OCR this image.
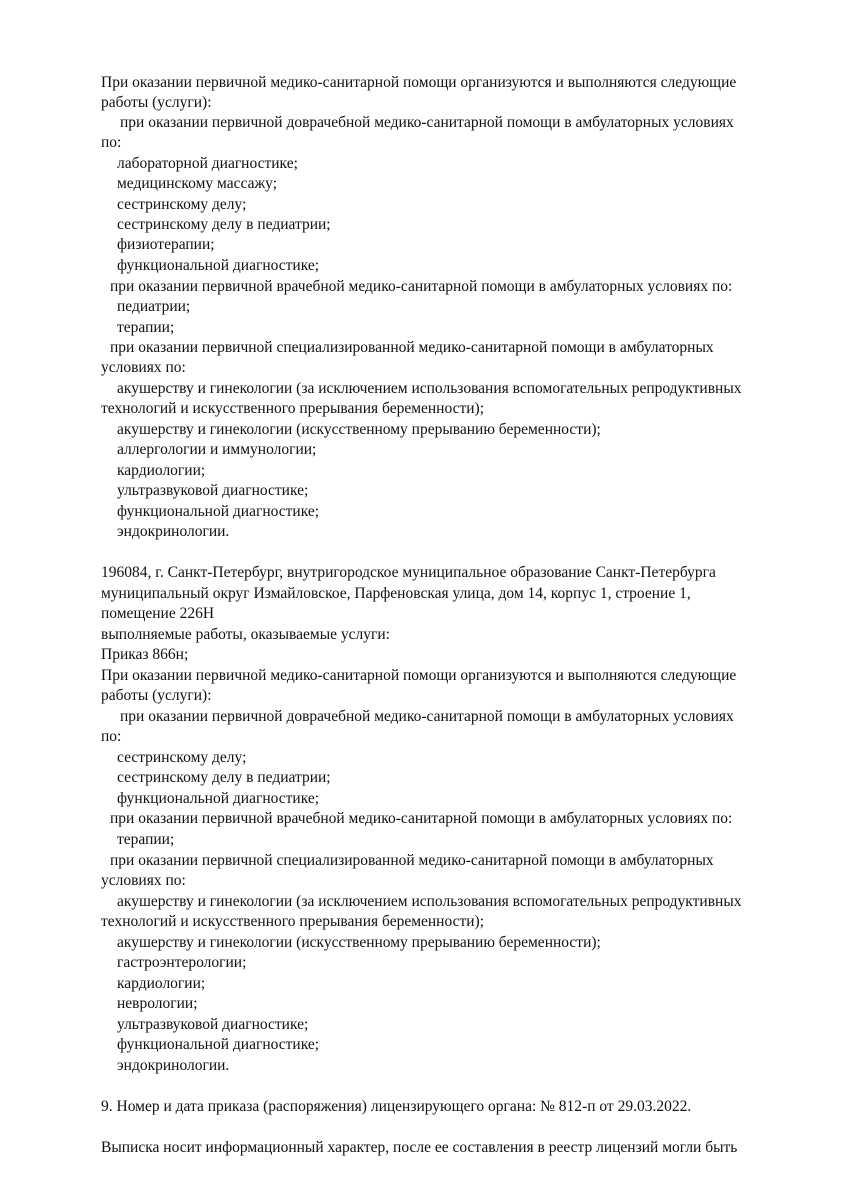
При оказании первичной медико-санитарной помощи организуются и выполняются следующие
работы (услуги):
при оказании первичной доврачебной медико-санитарной помощи в амбулаторных условиях
по:
лабораторной диагностике;
медицинскому массажу;
сестринскому делу;
сестринскому делу в педиатрии;
физиотерапии;
функциональной диагностике;
при оказании первичной врачебной медико-санитарной помощи в амбулаторных условиях по:
педиатрии;
терапии;
при оказании первичной специализированной медико-санитарной помощи в амбулаторных
условиях по:
акушерству и гинекологии (за исключением использования вспомогательных репродуктивных
технологий и искусственного прерывания беременности);
акушерству и гинекологии (искусственному прерыванию беременности);
аллергологии и иммунологии;
кардиологии;
ультразвуковой диагностике;
функциональной диагностике;
эндокринологии.
196084, г. Санкт-Петербург, внутригородское муниципальное образование Санкт-Петербурга
муниципальный округ Измайловское, Парфеновская улица, дом 14, корпус 1, строение 1,
помещение 226Н
выполняемые работы, оказываемые услуги:
Приказ 866н;
При оказании первичной медико-санитарной помощи организуются и выполняются следующие
работы (услуги):
при оказании первичной доврачебной медико-санитарной помощи в амбулаторных условиях
по:
сестринскому делу;
сестринскому делу в педиатрии;
функциональной диагностике;
при оказании первичной врачебной медико-санитарной помощи в амбулаторных условиях по:
терапии;
при оказании первичной специализированной медико-санитарной помощи в амбулаторных
условиях по:
акушерству и гинекологии (за исключением использования вспомогательных репродуктивных
технологий и искусственного прерывания беременности);
акушерству и гинекологии (искусственному прерыванию беременности);
гастроэнтерологии;
кардиологии;
неврологии;
ультразвуковой диагностике;
функциональной диагностике;
эндокринологии.
9. Номер и дата приказа (распоряжения) лицензирующего органа: № 812-п от 29.03.2022.
Выписка носит информационный характер, после ее составления в реестр лицензий могли быть
